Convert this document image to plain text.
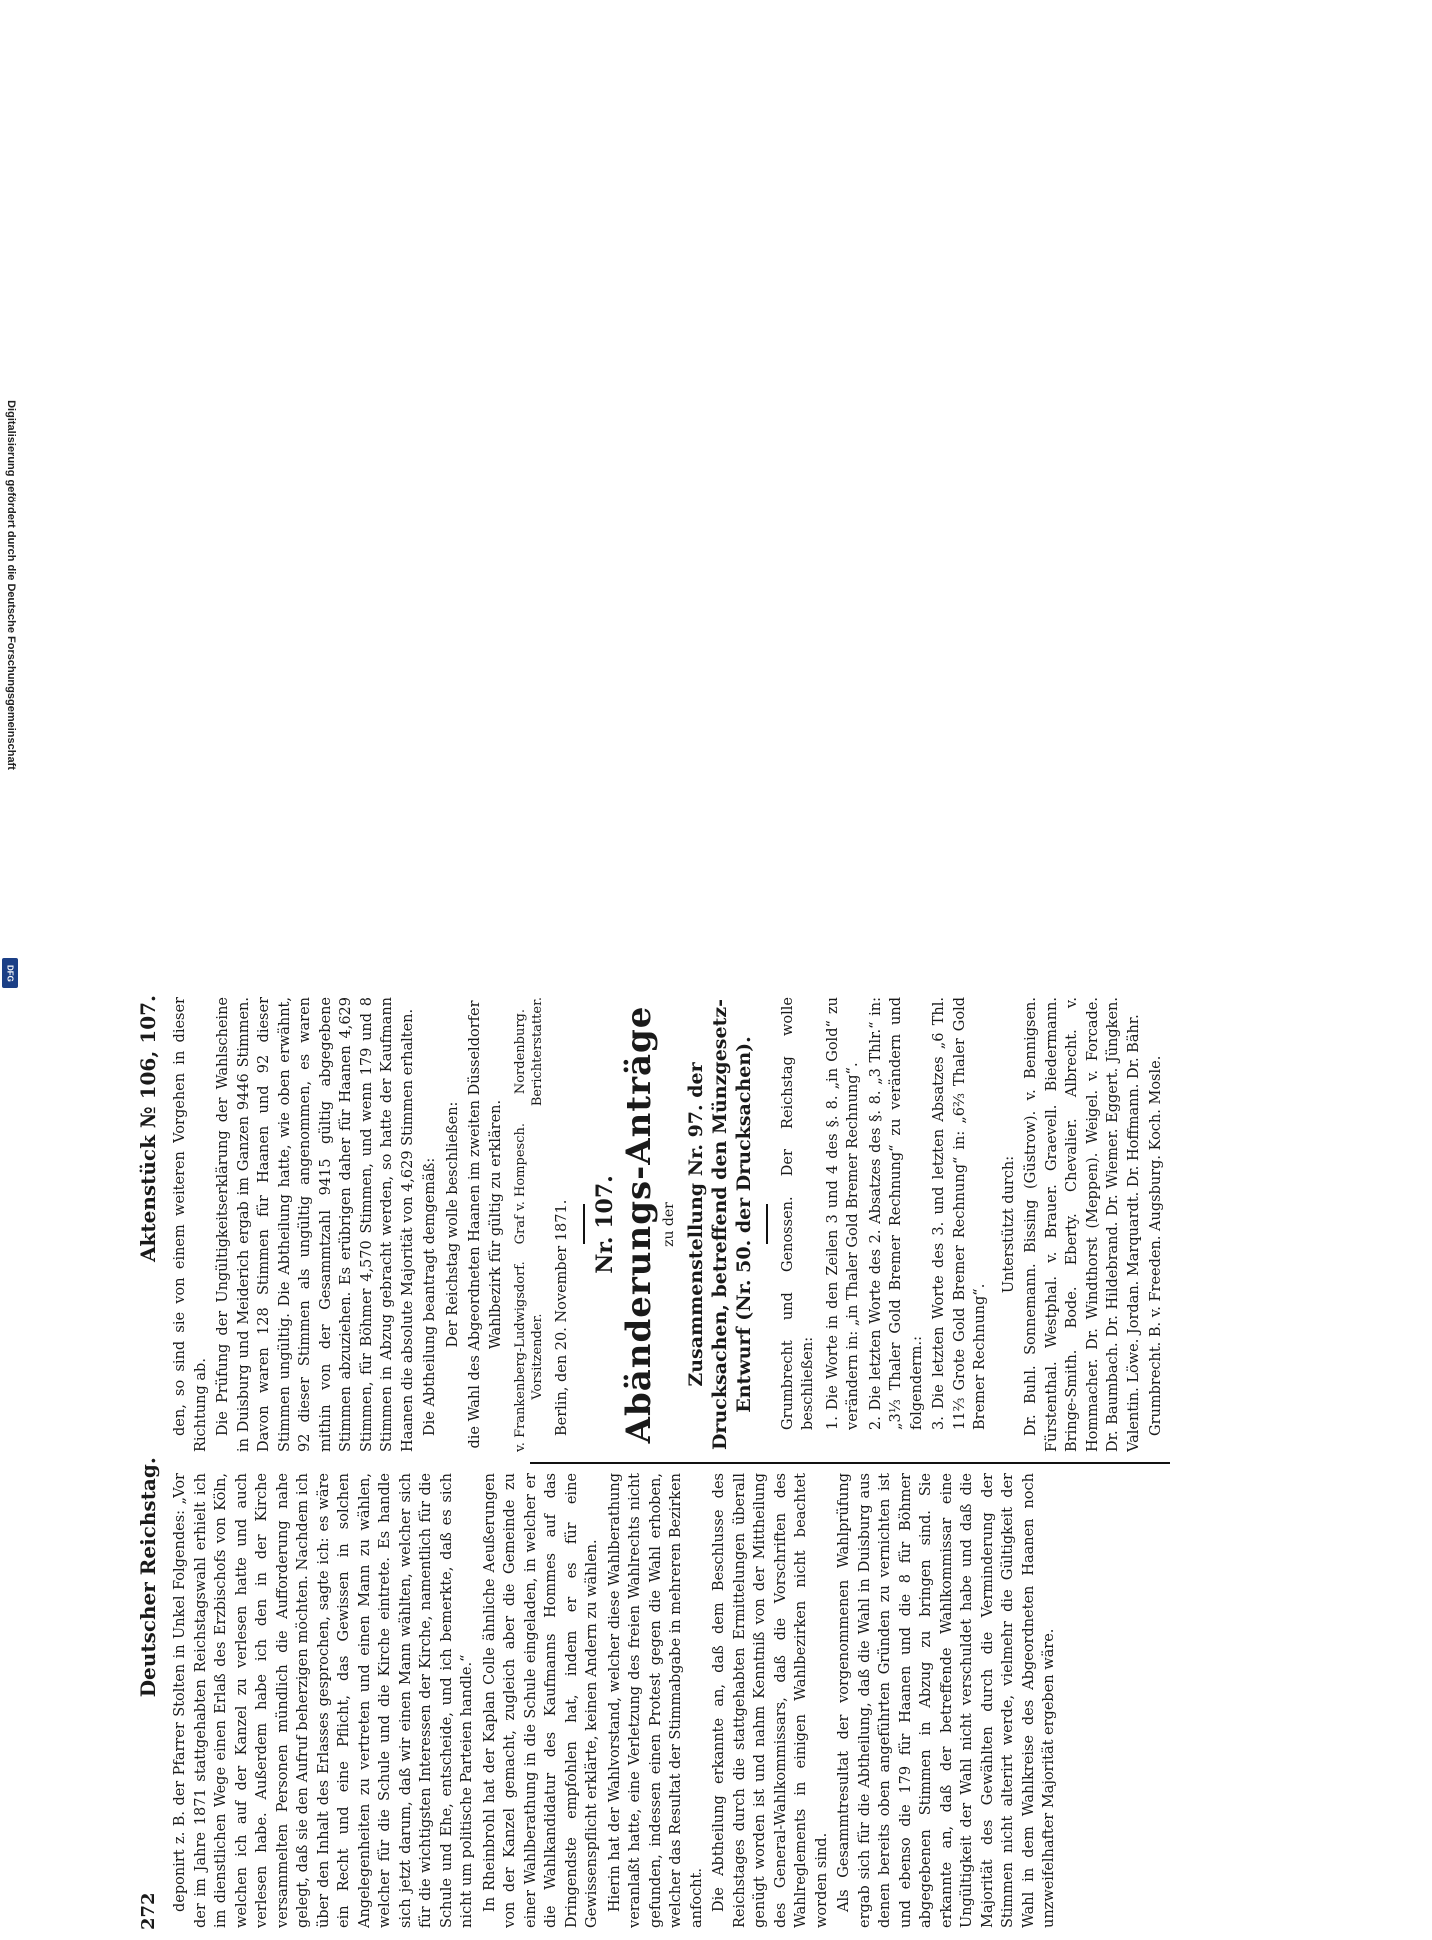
Digitalisierung gefördert durch die Deutsche Forschungsgemeinschaft
DFG
272
Deutscher Reichstag.
Aktenstück № 106, 107.

deponirt z. B. der Pfarrer Stolten in Unkel Folgendes: „Vor der im Jahre 1871 stattgehabten Reichstagswahl erhielt ich im dienstlichen Wege einen Erlaß des Erzbischofs von Köln, welchen ich auf der Kanzel zu verlesen hatte und auch verlesen habe. Außerdem habe ich den in der Kirche versammelten Personen mündlich die Aufforderung nahe gelegt, daß sie den Aufruf beherzigen möchten. Nachdem ich über den Inhalt des Erlasses gesprochen, sagte ich: es wäre ein Recht und eine Pflicht, das Gewissen in solchen Angelegenheiten zu vertreten und einen Mann zu wählen, welcher für die Schule und die Kirche eintrete. Es handle sich jetzt darum, daß wir einen Mann wählten, welcher sich für die wichtigsten Interessen der Kirche, namentlich für die Schule und Ehe, entscheide, und ich bemerkte, daß es sich nicht um politische Parteien handle.“ In Rheinbrohl hat der Kaplan Colle ähnliche Aeußerungen von der Kanzel gemacht, zugleich aber die Gemeinde zu einer Wahlberathung in die Schule eingeladen, in welcher er die Wahlkandidatur des Kaufmanns Hommes auf das Dringendste empfohlen hat, indem er es für eine Gewissenspflicht erklärte, keinen Andern zu wählen. Hierin hat der Wahlvorstand, welcher diese Wahlberathung veranlaßt hatte, eine Verletzung des freien Wahlrechts nicht gefunden, indessen einen Protest gegen die Wahl erhoben, welcher das Resultat der Stimmabgabe in mehreren Bezirken anfocht. Die Abtheilung erkannte an, daß dem Beschlusse des Reichstages durch die stattgehabten Ermittelungen überall genügt worden ist und nahm Kenntniß von der Mittheilung des General-Wahlkommissars, daß die Vorschriften des Wahlreglements in einigen Wahlbezirken nicht beachtet worden sind. Als Gesammtresultat der vorgenommenen Wahlprüfung ergab sich für die Abtheilung, daß die Wahl in Duisburg aus denen bereits oben angeführten Gründen zu vernichten ist und ebenso die 179 für Haanen und die 8 für Böhmer abgegebenen Stimmen in Abzug zu bringen sind. Sie erkannte an, daß der betreffende Wahlkommissar eine Ungültigkeit der Wahl nicht verschuldet habe und daß die Majorität des Gewählten durch die Verminderung der Stimmen nicht alterirt werde, vielmehr die Gültigkeit der Wahl in dem Wahlkreise des Abgeordneten Haanen noch unzweifelhafter Majorität ergeben wäre.

den, so sind sie von einem weiteren Vorgehen in dieser Richtung ab. Die Prüfung der Ungültigkeitserklärung der Wahlscheine in Duisburg und Meiderich ergab im Ganzen 9446 Stimmen. Davon waren 128 Stimmen für Haanen und 92 dieser Stimmen ungültig. Die Abtheilung hatte, wie oben erwähnt, 92 dieser Stimmen als ungültig angenommen, es waren mithin von der Gesammtzahl 9415 gültig abgegebene Stimmen abzuziehen. Es erübrigen daher für Haanen 4,629 Stimmen, für Böhmer 4,570 Stimmen, und wenn 179 und 8 Stimmen in Abzug gebracht werden, so hatte der Kaufmann Haanen die absolute Majorität von 4,629 Stimmen erhalten. Die Abtheilung beantragt demgemäß: Der Reichstag wolle beschließen: die Wahl des Abgeordneten Haanen im zweiten Düsseldorfer Wahlbezirk für gültig zu erklären.

v. Frankenberg-Ludwigsdorf. Vorsitzender.
Graf v. Hompesch.
Nordenburg. Berichterstatter.

Berlin, den 20. November 1871. Nr. 107. Abänderungs-Anträge zu der Zusammenstellung Nr. 97. der Drucksachen, betreffend den Münzgesetz-Entwurf (Nr. 50. der Drucksachen). Grumbrecht und Genossen. Der Reichstag wolle beschließen: 1. Die Worte in den Zeilen 3 und 4 des §. 8. „in Gold“ zu verändern in: „in Thaler Gold Bremer Rechnung“. 2. Die letzten Worte des 2. Absatzes des §. 8. „3 Thlr.“ in: „3⅓ Thaler Gold Bremer Rechnung“ zu verändern und folgenderm.: 3. Die letzten Worte des 3. und letzten Absatzes „6 Thl. 11⅔ Grote Gold Bremer Rechnung“ in: „6⅔ Thaler Gold Bremer Rechnung“.

Unterstützt durch: Dr. Buhl. Sonnemann. Bissing (Güstrow). v. Bennigsen. Fürstenthal. Westphal. v. Brauer. Graevell. Biedermann. Bringe-Smith. Bode. Eberty. Chevalier. Albrecht. v. Hommacher. Dr. Windthorst (Meppen). Weigel. v. Forcade. Dr. Baumbach. Dr. Hildebrand. Dr. Wiemer. Eggert. Jüngken. Valentin. Löwe. Jordan. Marquardt. Dr. Hoffmann. Dr. Bähr. Grumbrecht. B. v. Freeden. Augsburg. Koch. Mosle.
